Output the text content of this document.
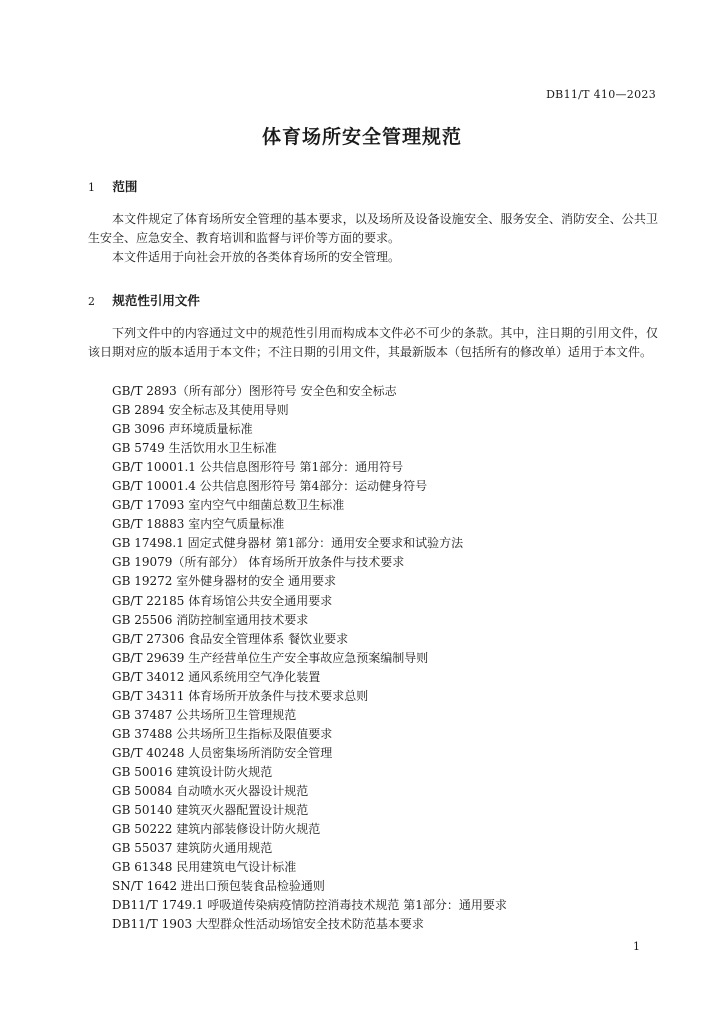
DB11/T 410—2023
体育场所安全管理规范
1 范围

本文件规定了体育场所安全管理的基本要求，以及场所及设备设施安全、服务安全、消防安全、公共卫生安全、应急安全、教育培训和监督与评价等方面的要求。

本文件适用于向社会开放的各类体育场所的安全管理。

2 规范性引用文件

下列文件中的内容通过文中的规范性引用而构成本文件必不可少的条款。其中，注日期的引用文件，仅该日期对应的版本适用于本文件；不注日期的引用文件，其最新版本（包括所有的修改单）适用于本文件。

GB/T 2893（所有部分）图形符号 安全色和安全标志
GB 2894 安全标志及其使用导则
GB 3096 声环境质量标准
GB 5749 生活饮用水卫生标准
GB/T 10001.1 公共信息图形符号 第1部分：通用符号
GB/T 10001.4 公共信息图形符号 第4部分：运动健身符号
GB/T 17093 室内空气中细菌总数卫生标准
GB/T 18883 室内空气质量标准
GB 17498.1 固定式健身器材 第1部分：通用安全要求和试验方法
GB 19079（所有部分） 体育场所开放条件与技术要求
GB 19272 室外健身器材的安全 通用要求
GB/T 22185 体育场馆公共安全通用要求
GB 25506 消防控制室通用技术要求
GB/T 27306 食品安全管理体系 餐饮业要求
GB/T 29639 生产经营单位生产安全事故应急预案编制导则
GB/T 34012 通风系统用空气净化装置
GB/T 34311 体育场所开放条件与技术要求总则
GB 37487 公共场所卫生管理规范
GB 37488 公共场所卫生指标及限值要求
GB/T 40248 人员密集场所消防安全管理
GB 50016 建筑设计防火规范
GB 50084 自动喷水灭火器设计规范
GB 50140 建筑灭火器配置设计规范
GB 50222 建筑内部装修设计防火规范
GB 55037 建筑防火通用规范
GB 61348 民用建筑电气设计标准
SN/T 1642 进出口预包装食品检验通则
DB11/T 1749.1 呼吸道传染病疫情防控消毒技术规范 第1部分：通用要求
DB11/T 1903 大型群众性活动场馆安全技术防范基本要求
1
